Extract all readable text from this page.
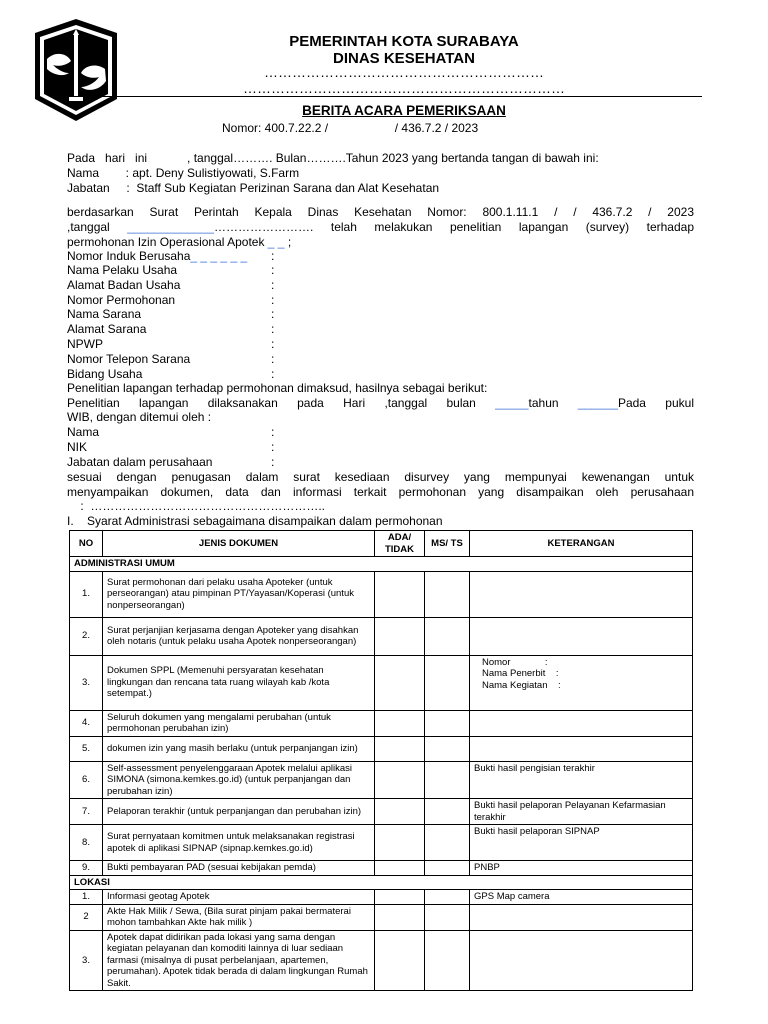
PEMERINTAH KOTA SURABAYA
DINAS KESEHATAN
……………………………………………………
……………………………………………………………
BERITA ACARA PEMERIKSAAN
Nomor: 400.7.22.2 /                    / 436.7.2 / 2023
Pada   hari   ini            , tanggal………. Bulan……….Tahun 2023 yang bertanda tangan di bawah ini:
Nama        : apt. Deny Sulistiyowati, S.Farm
Jabatan     :  Staff Sub Kegiatan Perizinan Sarana dan Alat Kesehatan
berdasarkan Surat Perintah Kepala Dinas Kesehatan Nomor: 800.1.11.1 / / 436.7.2 / 2023
,tanggal _____________……………………. telah melakukan penelitian lapangan (survey) terhadap
permohonan Izin Operasional Apotek _ _ ;
Nomor Induk Berusaha_ _ _ _ _ _ :
Nama Pelaku Usaha	:
Alamat Badan Usaha	:
Nomor Permohonan	:
Nama Sarana	:
Alamat Sarana	:
NPWP	:
Nomor Telepon Sarana	:
Bidang Usaha	:
Penelitian lapangan terhadap permohonan dimaksud, hasilnya sebagai berikut:
Penelitian lapangan dilaksanakan pada Hari ,tanggal bulan _____tahun ______Pada pukul
WIB, dengan ditemui oleh :
Nama	:
NIK	:
Jabatan dalam perusahaan	:
sesuai dengan penugasan dalam surat kesediaan disurvey yang mempunyai kewenangan untuk
menyampaikan dokumen, data dan informasi terkait permohonan yang disampaikan oleh perusahaan
:  …………………………………………………..
I.    Syarat Administrasi sebagaimana disampaikan dalam permohonan
NO	JENIS DOKUMEN	ADA/ TIDAK	MS/ TS	KETERANGAN
ADMINISTRASI UMUM				
1.	Surat permohonan dari pelaku usaha Apoteker (untuk perseorangan) atau pimpinan PT/Yayasan/Koperasi (untuk nonperseorangan)			
2.	Surat perjanjian kerjasama dengan Apoteker yang disahkan oleh notaris (untuk pelaku usaha Apotek nonperseorangan)			
3.	Dokumen SPPL (Memenuhi persyaratan kesehatan lingkungan dan rencana tata ruang wilayah kab /kota setempat.)			Nomor             :
Nama Penerbit    :
Nama Kegiatan    :

4.	Seluruh dokumen yang mengalami perubahan (untuk permohonan perubahan izin)			
5.	dokumen izin yang masih berlaku (untuk perpanjangan izin)			
6.	Self-assessment penyelenggaraan Apotek melalui aplikasi SIMONA (simona.kemkes.go.id) (untuk perpanjangan dan perubahan izin)			Bukti hasil pengisian terakhir
7.	Pelaporan terakhir (untuk perpanjangan dan perubahan izin)			Bukti hasil pelaporan Pelayanan Kefarmasian terakhir
8.	Surat pernyataan komitmen untuk melaksanakan registrasi apotek di aplikasi SIPNAP (sipnap.kemkes.go.id)			Bukti hasil pelaporan SIPNAP
9.	Bukti pembayaran PAD (sesuai kebijakan pemda)			PNBP
LOKASI				
1.	Informasi geotag Apotek			GPS Map camera
2	Akte Hak Milik / Sewa, (Bila surat pinjam pakai bermaterai mohon tambahkan Akte hak milik )			
3.	Apotek dapat didirikan pada lokasi yang sama dengan kegiatan pelayanan dan komoditi lainnya di luar sediaan farmasi (misalnya di pusat perbelanjaan, apartemen, perumahan). Apotek tidak berada di dalam lingkungan Rumah Sakit.			
